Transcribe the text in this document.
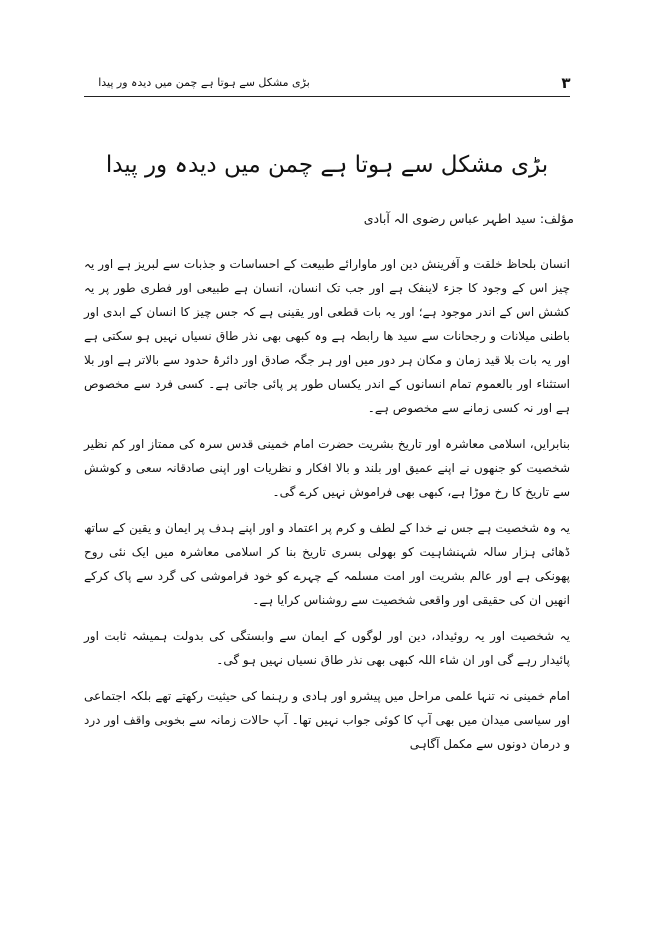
بڑی مشکل سے ہوتا ہے چمن میں دیدہ ور پیدا	۳
بڑی مشکل سے ہوتا ہے چمن میں دیدہ ور پیدا
مؤلف: سید اطہر عباس رضوی الہ آبادی

انسان بلحاظ خلقت و آفرینش دین اور ماوارائے طبیعت کے احساسات و جذبات سے لبریز ہے اور یہ چیز اس کے وجود کا جزء لاینفک ہے اور جب تک انسان، انسان ہے طبیعی اور فطری طور پر یہ کشش اس کے اندر موجود ہے؛ اور یہ بات قطعی اور یقینی ہے کہ جس چیز کا انسان کے ابدی اور باطنی میلانات و رجحانات سے سید ھا رابطہ ہے وہ کبھی بھی نذر طاق نسیاں نہیں ہو سکتی ہے اور یہ بات بلا قید زمان و مکان ہر دور میں اور ہر جگہ صادق اور دائرۂ حدود سے بالاتر ہے اور بلا استثناء اور بالعموم تمام انسانوں کے اندر یکساں طور پر پائی جاتی ہے۔ کسی فرد سے مخصوص ہے اور نہ کسی زمانے سے مخصوص ہے۔

بنابرایں، اسلامی معاشرہ اور تاریخ بشریت حضرت امام خمینی قدس سرہ کی ممتاز اور کم نظیر شخصیت کو جنھوں نے اپنے عمیق اور بلند و بالا افکار و نظریات اور اپنی صادقانہ سعی و کوشش سے تاریخ کا رخ موڑا ہے، کبھی بھی فراموش نہیں کرے گی۔

یہ وہ شخصیت ہے جس نے خدا کے لطف و کرم پر اعتماد و اور اپنے ہدف پر ایمان و یقین کے ساتھ ڈھائی ہزار سالہ شہنشاہیت کو بھولی بسری تاریخ بنا کر اسلامی معاشرہ میں ایک نئی روح پھونکی ہے اور عالم بشریت اور امت مسلمہ کے چہرے کو خود فراموشی کی گرد سے پاک کرکے انھیں ان کی حقیقی اور واقعی شخصیت سے روشناس کرایا ہے۔

یہ شخصیت اور یہ روئیداد، دین اور لوگوں کے ایمان سے وابستگی کی بدولت ہمیشہ ثابت اور پائیدار رہے گی اور ان شاء اللہ کبھی بھی نذر طاق نسیاں نہیں ہو گی۔

امام خمینی نہ تنہا علمی مراحل میں پیشرو اور ہادی و رہنما کی حیثیت رکھتے تھے بلکہ اجتماعی اور سیاسی میدان میں بھی آپ کا کوئی جواب نہیں تھا۔ آپ حالات زمانہ سے بخوبی واقف اور درد و درمان دونوں سے مکمل آگاہی
